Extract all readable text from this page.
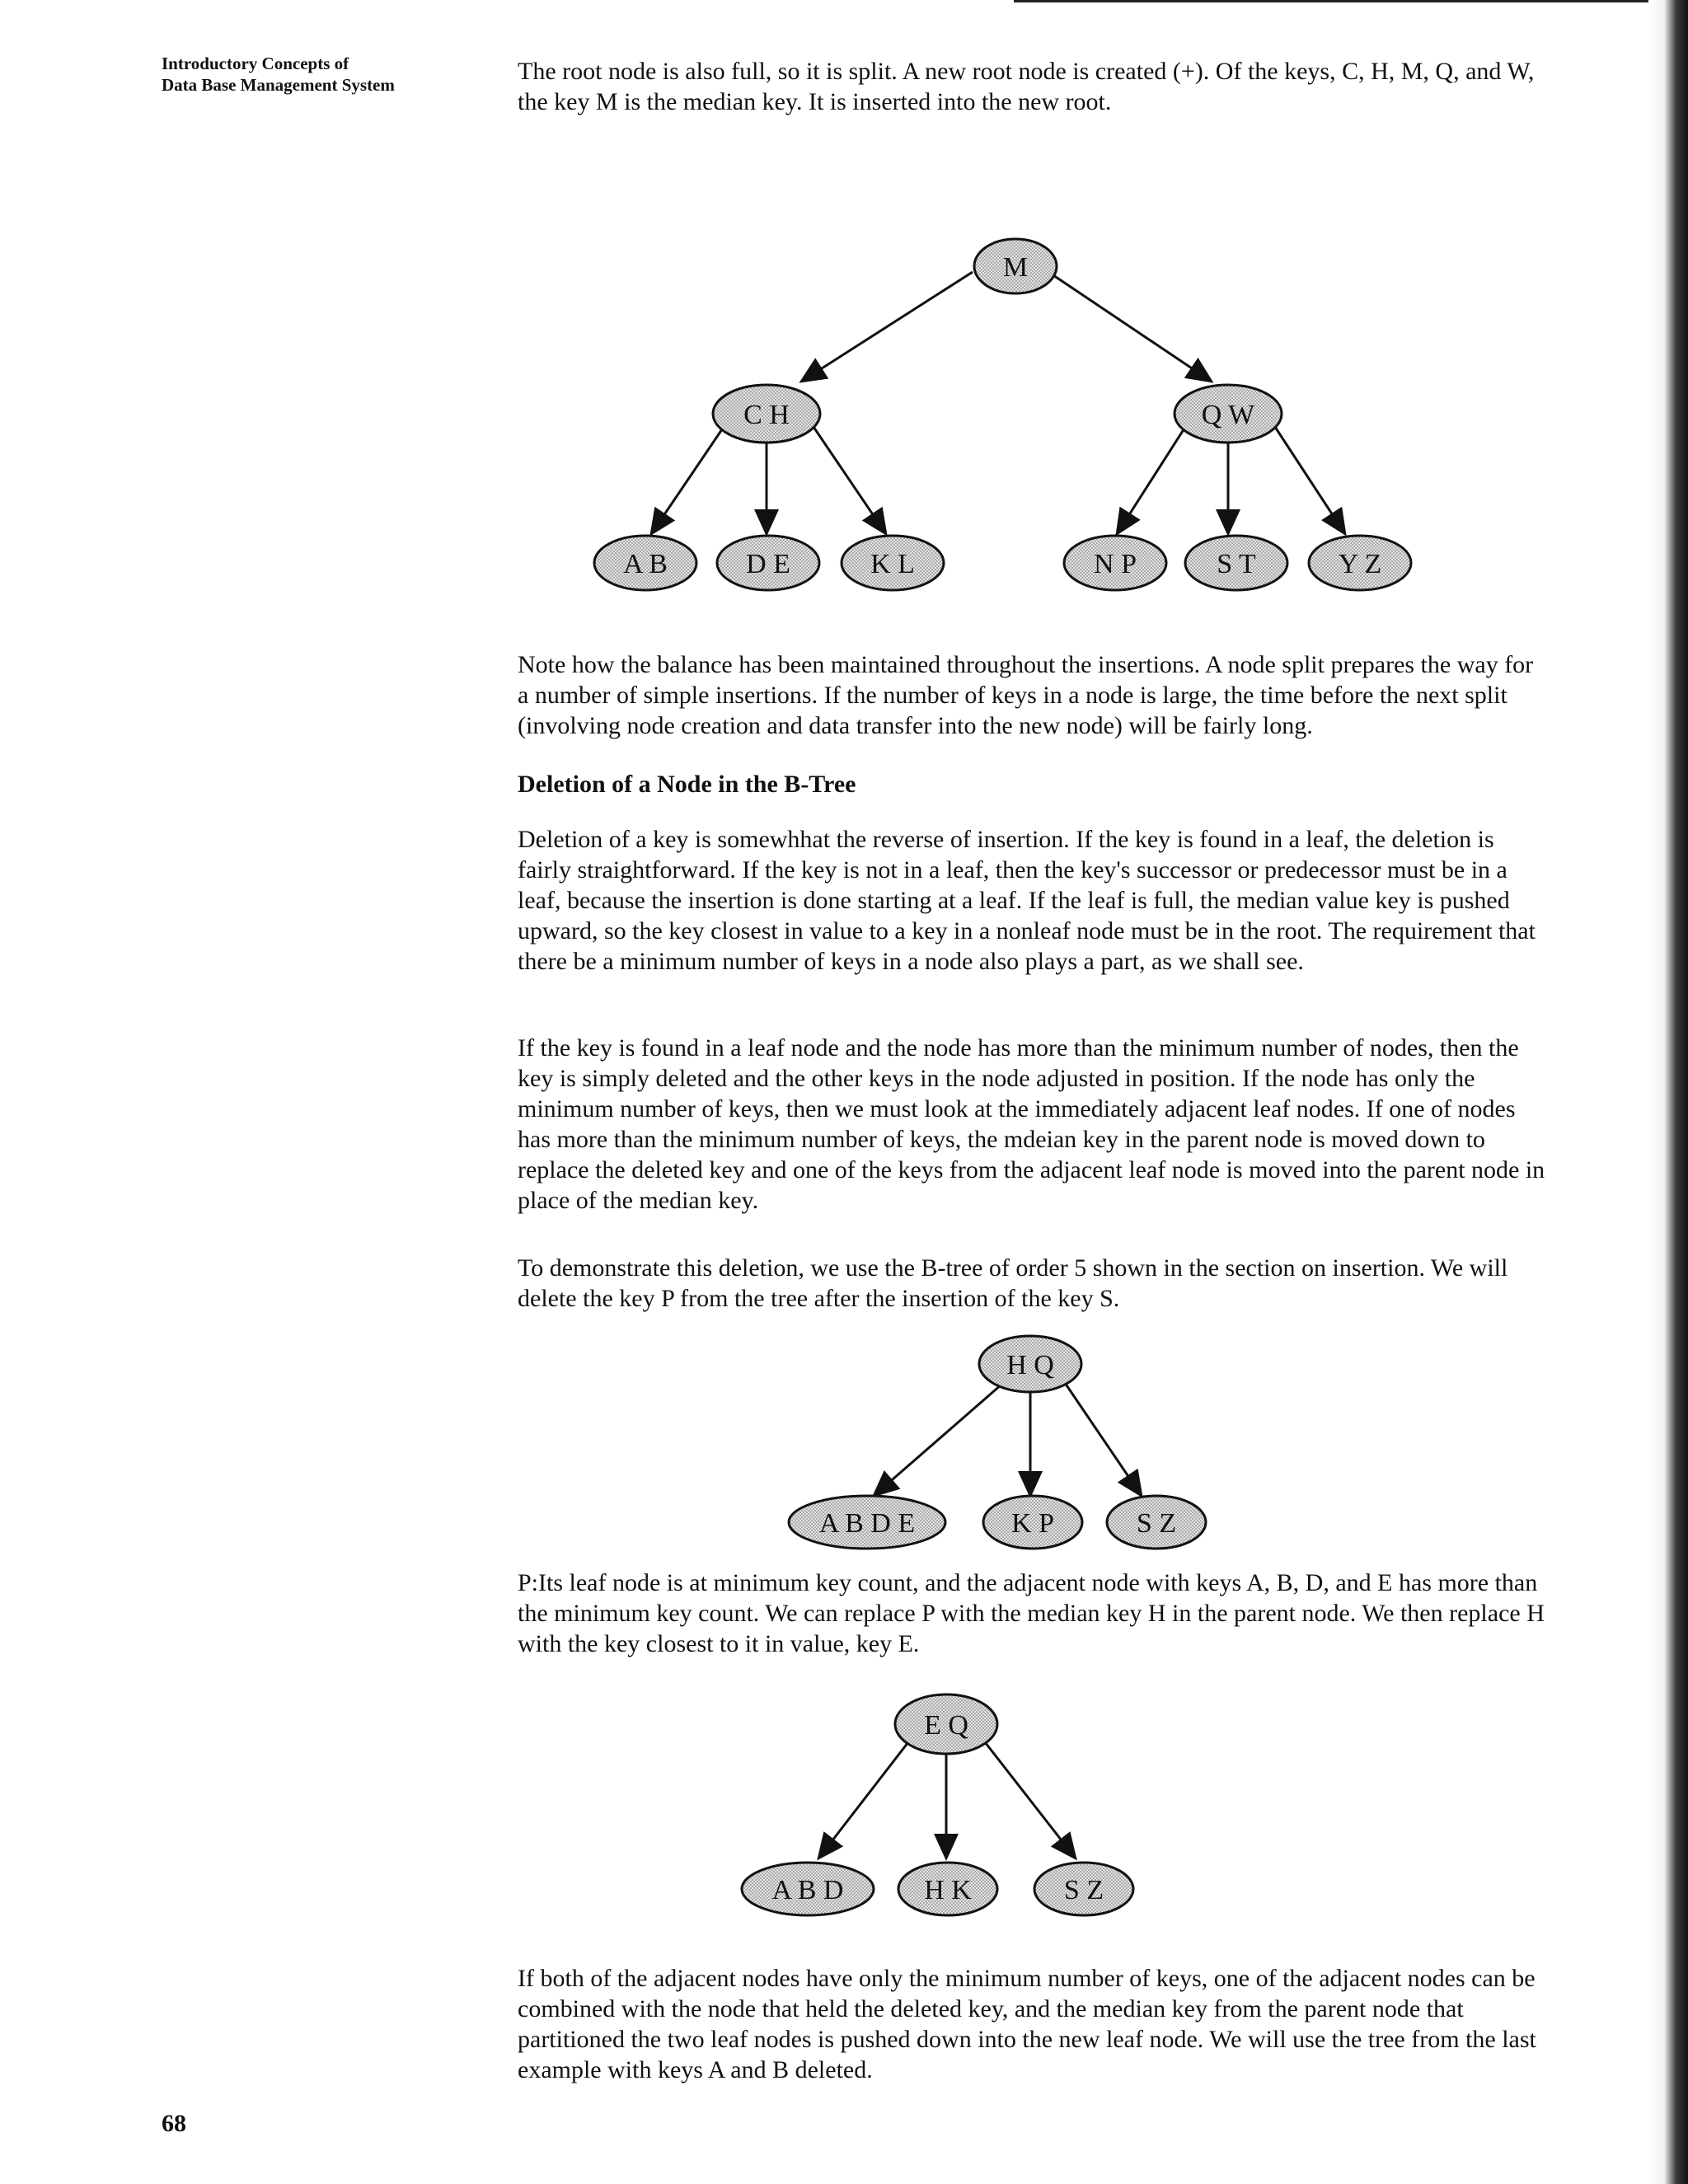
Introductory Concepts of
Data Base Management System	The root node is also full, so it is split. A new root node is created (+). Of the keys, C, H, M, Q, and W, the key M is the median key. It is inserted into the new root.

M
C H	Q W
A B	D E	K L	N P	S T	Y Z
H Q
A B D E	K P	S Z
E Q
A B D	H K	S Z

Note how the balance has been maintained throughout the insertions. A node split prepares the way for a number of simple insertions. If the number of keys in a node is large, the time before the next split (involving node creation and data transfer into the new node) will be fairly long.

Deletion of a Node in the B-Tree

Deletion of a key is somewhhat the reverse of insertion. If the key is found in a leaf, the deletion is fairly straightforward. If the key is not in a leaf, then the key's successor or predecessor must be in a leaf, because the insertion is done starting at a leaf. If the leaf is full, the median value key is pushed upward, so the key closest in value to a key in a nonleaf node must be in the root. The requirement that there be a minimum number of keys in a node also plays a part, as we shall see.

If the key is found in a leaf node and the node has more than the minimum number of nodes, then the key is simply deleted and the other keys in the node adjusted in position. If the node has only the minimum number of keys, then we must look at the immediately adjacent leaf nodes. If one of nodes has more than the minimum number of keys, the mdeian key in the parent node is moved down to replace the deleted key and one of the keys from the adjacent leaf node is moved into the parent node in place of the median key.

To demonstrate this deletion, we use the B-tree of order 5 shown in the section on insertion. We will delete the key P from the tree after the insertion of the key S.

P:Its leaf node is at minimum key count, and the adjacent node with keys A, B, D, and E has more than the minimum key count. We can replace P with the median key H in the parent node. We then replace H with the key closest to it in value, key E.

If both of the adjacent nodes have only the minimum number of keys, one of the adjacent nodes can be combined with the node that held the deleted key, and the median key from the parent node that partitioned the two leaf nodes is pushed down into the new leaf node. We will use the tree from the last example with keys A and B deleted.

68
